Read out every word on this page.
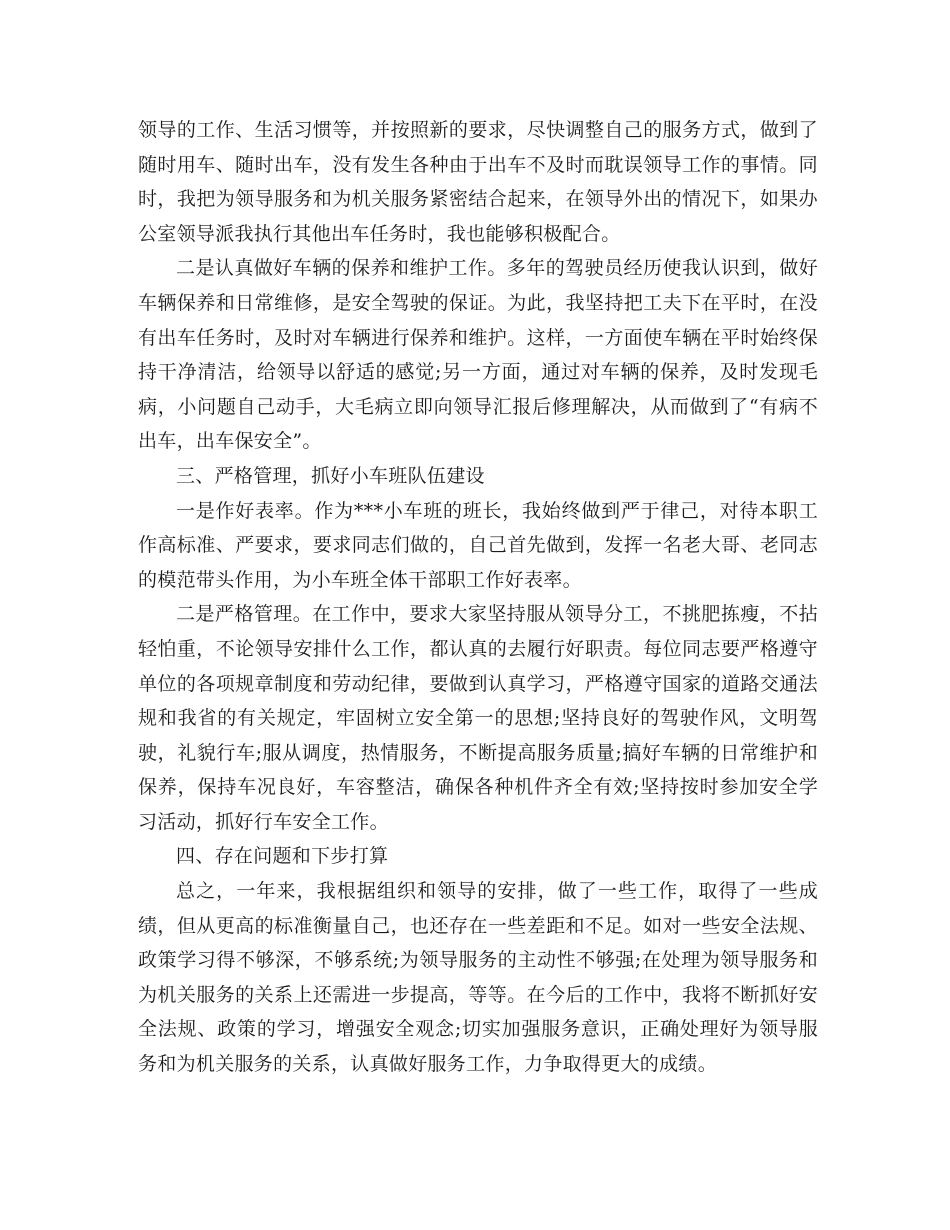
领导的工作、生活习惯等，并按照新的要求，尽快调整自己的服务方式，做到了随时用车、随时出车，没有发生各种由于出车不及时而耽误领导工作的事情。同时，我把为领导服务和为机关服务紧密结合起来，在领导外出的情况下，如果办公室领导派我执行其他出车任务时，我也能够积极配合。

二是认真做好车辆的保养和维护工作。多年的驾驶员经历使我认识到，做好车辆保养和日常维修，是安全驾驶的保证。为此，我坚持把工夫下在平时，在没有出车任务时，及时对车辆进行保养和维护。这样，一方面使车辆在平时始终保持干净清洁，给领导以舒适的感觉;另一方面，通过对车辆的保养，及时发现毛病，小问题自己动手，大毛病立即向领导汇报后修理解决，从而做到了“有病不出车，出车保安全”。

三、严格管理，抓好小车班队伍建设

一是作好表率。作为***小车班的班长，我始终做到严于律己，对待本职工作高标准、严要求，要求同志们做的，自己首先做到，发挥一名老大哥、老同志的模范带头作用，为小车班全体干部职工作好表率。

二是严格管理。在工作中，要求大家坚持服从领导分工，不挑肥拣瘦，不拈轻怕重，不论领导安排什么工作，都认真的去履行好职责。每位同志要严格遵守单位的各项规章制度和劳动纪律，要做到认真学习，严格遵守国家的道路交通法规和我省的有关规定，牢固树立安全第一的思想;坚持良好的驾驶作风，文明驾驶，礼貌行车;服从调度，热情服务，不断提高服务质量;搞好车辆的日常维护和保养，保持车况良好，车容整洁，确保各种机件齐全有效;坚持按时参加安全学习活动，抓好行车安全工作。

四、存在问题和下步打算

总之，一年来，我根据组织和领导的安排，做了一些工作，取得了一些成绩，但从更高的标准衡量自己，也还存在一些差距和不足。如对一些安全法规、政策学习得不够深，不够系统;为领导服务的主动性不够强;在处理为领导服务和为机关服务的关系上还需进一步提高，等等。在今后的工作中，我将不断抓好安全法规、政策的学习，增强安全观念;切实加强服务意识，正确处理好为领导服务和为机关服务的关系，认真做好服务工作，力争取得更大的成绩。
